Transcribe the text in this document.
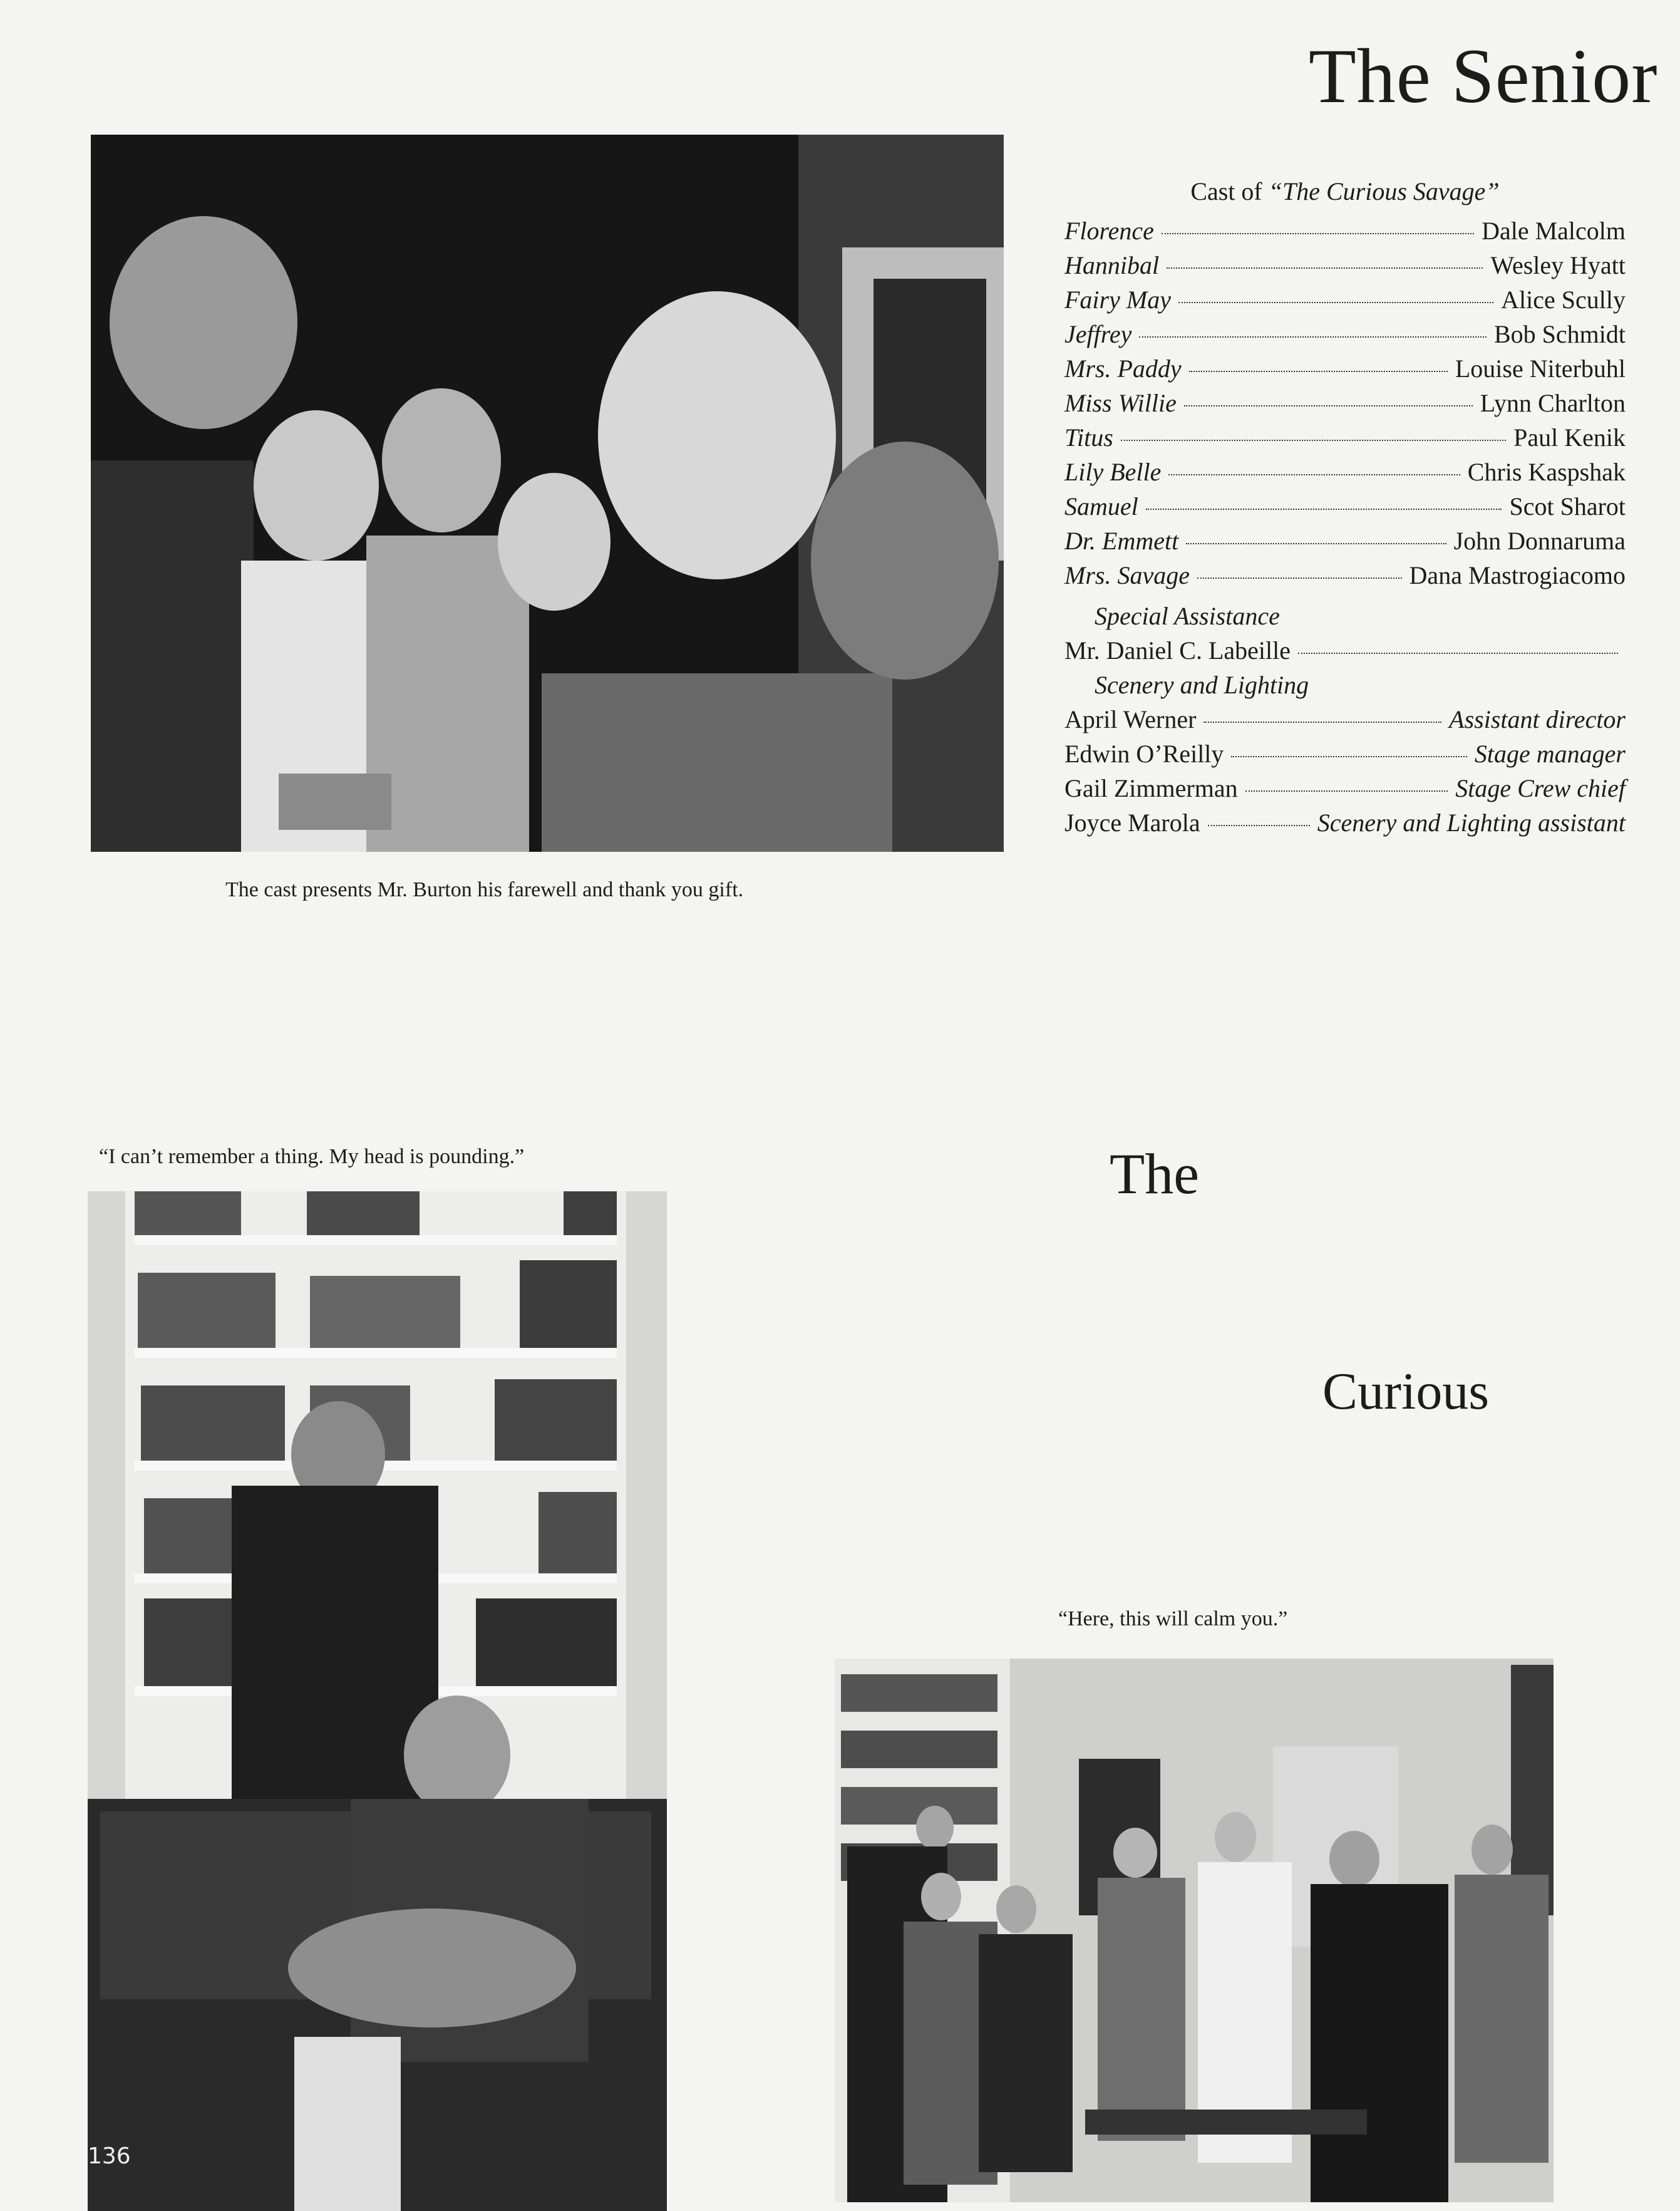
The Senior
The
Curious
The cast presents Mr. Burton his farewell and thank you gift.
Cast of “The Curious Savage”
Florence	Dale Malcolm
Hannibal	Wesley Hyatt
Fairy May	Alice Scully
Jeffrey	Bob Schmidt
Mrs. Paddy	Louise Niterbuhl
Miss Willie	Lynn Charlton
Titus	Paul Kenik
Lily Belle	Chris Kaspshak
Samuel	Scot Sharot
Dr. Emmett	John Donnaruma
Mrs. Savage	Dana Mastrogiacomo
Special Assistance
Mr. Daniel C. Labeille
Scenery and Lighting
April Werner	Assistant director
Edwin O’Reilly	Stage manager
Gail Zimmerman	Stage Crew chief
Joyce Marola	Scenery and Lighting assistant
“I can’t remember a thing. My head is pounding.”
136
“Here, this will calm you.”
